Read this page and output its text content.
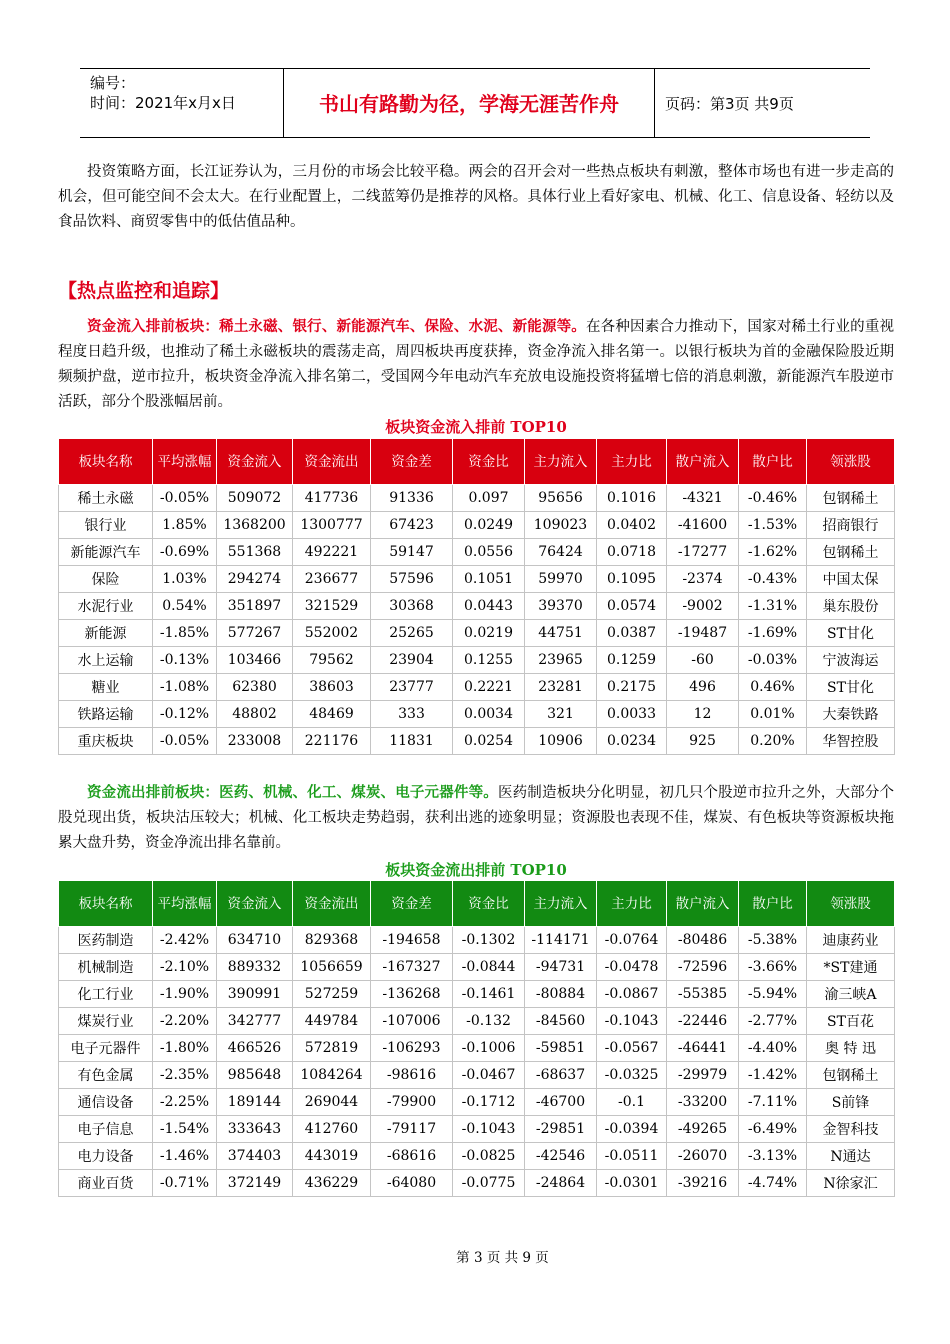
编号：
时间：2021年x月x日	书山有路勤为径，学海无涯苦作舟	页码：第3页 共9页

投资策略方面，长江证券认为，三月份的市场会比较平稳。两会的召开会对一些热点板块有刺激，整体市场也有进一步走高的机会，但可能空间不会太大。在行业配置上，二线蓝筹仍是推荐的风格。具体行业上看好家电、机械、化工、信息设备、轻纺以及食品饮料、商贸零售中的低估值品种。

【热点监控和追踪】

资金流入排前板块：稀土永磁、银行、新能源汽车、保险、水泥、新能源等。在各种因素合力推动下，国家对稀土行业的重视程度日趋升级，也推动了稀土永磁板块的震荡走高，周四板块再度获捧，资金净流入排名第一。以银行板块为首的金融保险股近期频频护盘，逆市拉升，板块资金净流入排名第二，受国网今年电动汽车充放电设施投资将猛增七倍的消息刺激，新能源汽车股逆市活跃，部分个股涨幅居前。

板块资金流入排前 TOP10
板块名称	平均涨幅	资金流入	资金流出	资金差	资金比	主力流入	主力比	散户流入	散户比	领涨股
稀土永磁	-0.05%	509072	417736	91336	0.097	95656	0.1016	-4321	-0.46%	包钢稀土
银行业	1.85%	1368200	1300777	67423	0.0249	109023	0.0402	-41600	-1.53%	招商银行
新能源汽车	-0.69%	551368	492221	59147	0.0556	76424	0.0718	-17277	-1.62%	包钢稀土
保险	1.03%	294274	236677	57596	0.1051	59970	0.1095	-2374	-0.43%	中国太保
水泥行业	0.54%	351897	321529	30368	0.0443	39370	0.0574	-9002	-1.31%	巢东股份
新能源	-1.85%	577267	552002	25265	0.0219	44751	0.0387	-19487	-1.69%	ST甘化
水上运输	-0.13%	103466	79562	23904	0.1255	23965	0.1259	-60	-0.03%	宁波海运
糖业	-1.08%	62380	38603	23777	0.2221	23281	0.2175	496	0.46%	ST甘化
铁路运输	-0.12%	48802	48469	333	0.0034	321	0.0033	12	0.01%	大秦铁路
重庆板块	-0.05%	233008	221176	11831	0.0254	10906	0.0234	925	0.20%	华智控股

资金流出排前板块：医药、机械、化工、煤炭、电子元器件等。医药制造板块分化明显，初几只个股逆市拉升之外，大部分个股兑现出货，板块沽压较大；机械、化工板块走势趋弱，获利出逃的迹象明显；资源股也表现不佳，煤炭、有色板块等资源板块拖累大盘升势，资金净流出排名靠前。

板块资金流出排前 TOP10
板块名称	平均涨幅	资金流入	资金流出	资金差	资金比	主力流入	主力比	散户流入	散户比	领涨股
医药制造	-2.42%	634710	829368	-194658	-0.1302	-114171	-0.0764	-80486	-5.38%	迪康药业
机械制造	-2.10%	889332	1056659	-167327	-0.0844	-94731	-0.0478	-72596	-3.66%	*ST建通
化工行业	-1.90%	390991	527259	-136268	-0.1461	-80884	-0.0867	-55385	-5.94%	渝三峡A
煤炭行业	-2.20%	342777	449784	-107006	-0.132	-84560	-0.1043	-22446	-2.77%	ST百花
电子元器件	-1.80%	466526	572819	-106293	-0.1006	-59851	-0.0567	-46441	-4.40%	奥 特 迅
有色金属	-2.35%	985648	1084264	-98616	-0.0467	-68637	-0.0325	-29979	-1.42%	包钢稀土
通信设备	-2.25%	189144	269044	-79900	-0.1712	-46700	-0.1	-33200	-7.11%	S前锋
电子信息	-1.54%	333643	412760	-79117	-0.1043	-29851	-0.0394	-49265	-6.49%	金智科技
电力设备	-1.46%	374403	443019	-68616	-0.0825	-42546	-0.0511	-26070	-3.13%	N通达
商业百货	-0.71%	372149	436229	-64080	-0.0775	-24864	-0.0301	-39216	-4.74%	N徐家汇
第 3 页 共 9 页
